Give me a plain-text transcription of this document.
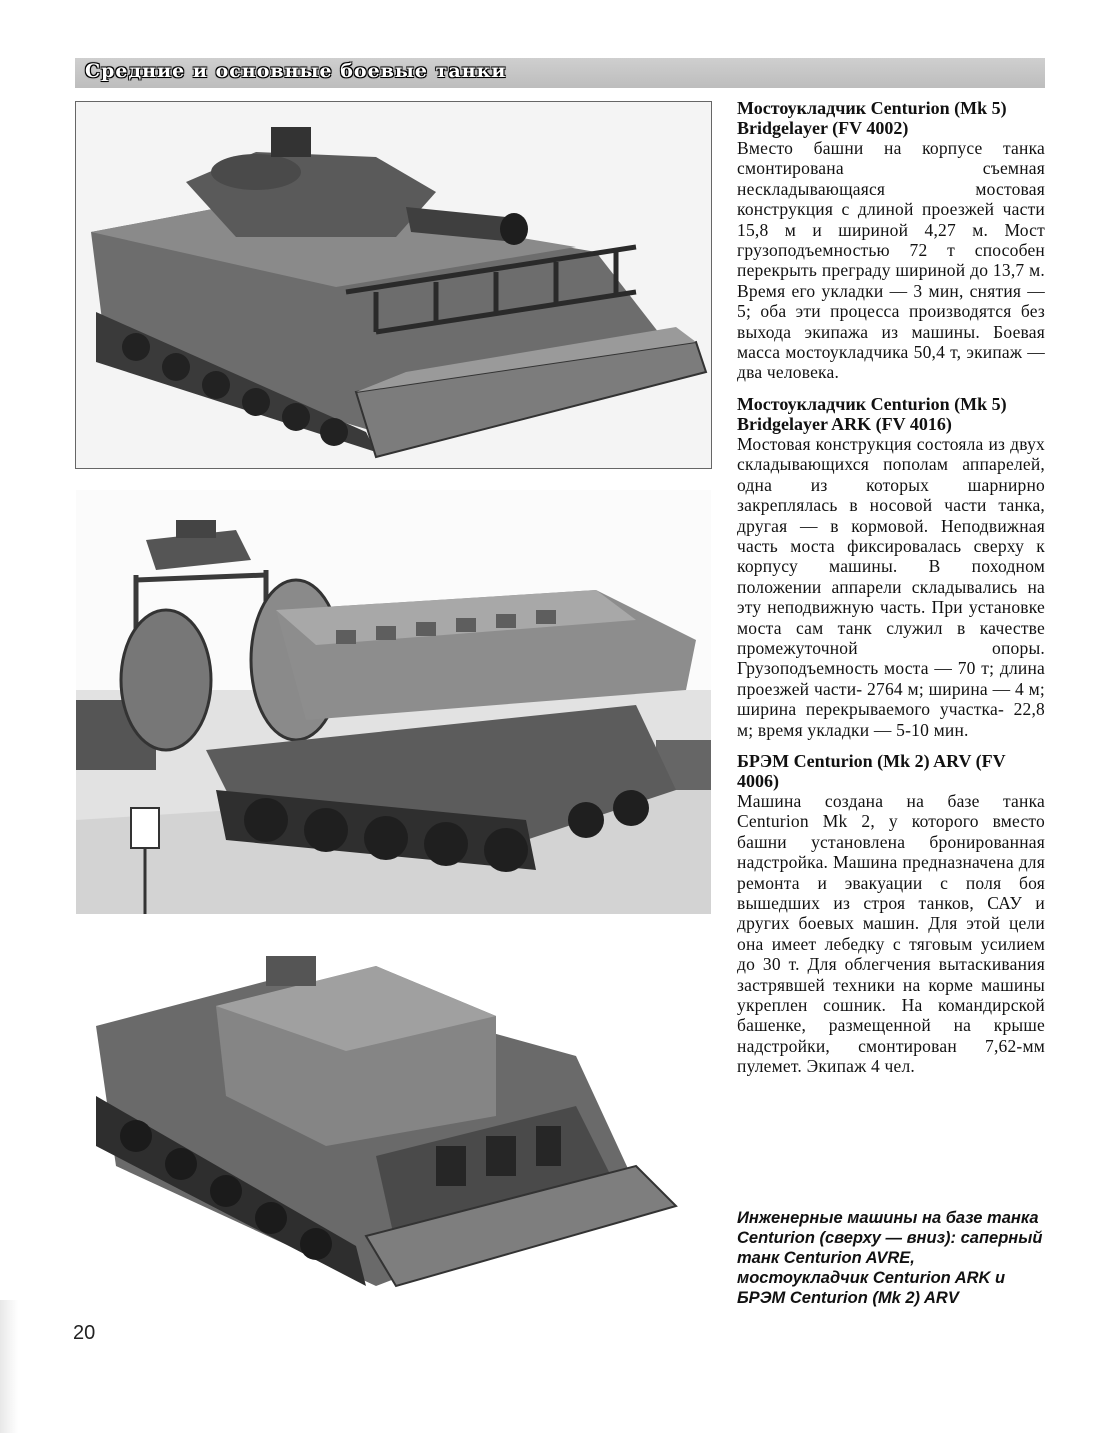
Средние и основные боевые танки
Мостоукладчик Centurion (Mk 5) Bridgelayer (FV 4002)
Вместо башни на корпусе танка смонтирована съемная нескладывающаяся мостовая конструкция с длиной проезжей части 15,8 м и шириной 4,27 м. Мост грузоподъемностью 72 т способен перекрыть преграду шириной до 13,7 м. Время его укладки — 3 мин, снятия — 5; оба эти процесса производятся без выхода экипажа из машины. Боевая масса мостоукладчика 50,4 т, экипаж — два человека.
Мостоукладчик Centurion (Mk 5) Bridgelayer ARK (FV 4016)
Мостовая конструкция состояла из двух складывающихся пополам аппарелей, одна из которых шарнирно закреплялась в носовой части танка, другая — в кормовой. Неподвижная часть моста фиксировалась сверху к корпусу машины. В походном положении аппарели складывались на эту неподвижную часть. При установке моста сам танк служил в качестве промежуточной опоры. Грузоподъемность моста — 70 т; длина проезжей части- 2764 м; ширина — 4 м; ширина перекрываемого участка- 22,8 м; время укладки — 5-10 мин.
БРЭМ Centurion (Mk 2) ARV (FV 4006)
Машина создана на базе танка Centurion Mk 2, у которого вместо башни установлена бронированная надстройка. Машина предназначена для ремонта и эвакуации с поля боя вышедших из строя танков, САУ и других боевых машин. Для этой цели она имеет лебедку с тяговым усилием до 30 т. Для облегчения вытаскивания застрявшей техники на корме машины укреплен сошник. На командирской башенке, размещенной на крыше надстройки, смонтирован 7,62-мм пулемет. Экипаж 4 чел.
Инженерные машины на базе танка Centurion (сверху — вниз): саперный танк Centurion AVRE, мостоукладчик Centurion ARK и БРЭМ Centurion (Mk 2) ARV
20
